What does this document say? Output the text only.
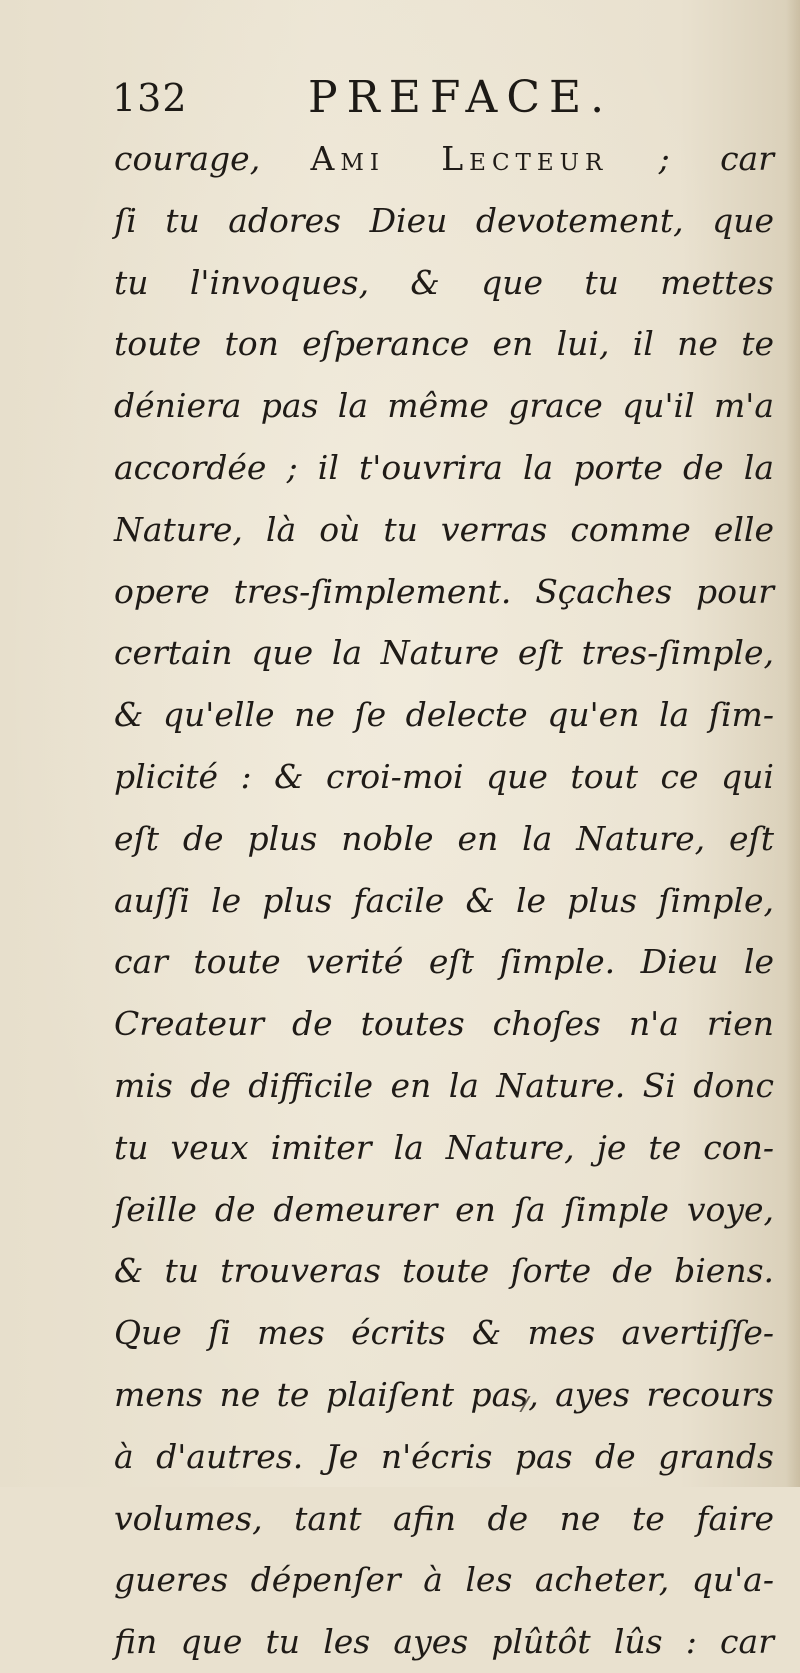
132	PREFACE.
courage, Ami Lecteur ; car
ſi tu adores Dieu devotement, que
tu l'invoques, & que tu mettes
toute ton eſperance en lui, il ne te
déniera pas la même grace qu'il m'a
accordée ; il t'ouvrira la porte de la
Nature, là où tu verras comme elle
opere tres-ſimplement. Sçaches pour
certain que la Nature eſt tres-ſimple,
& qu'elle ne ſe delecte qu'en la ſim-
plicité : & croi-moi que tout ce qui
eſt de plus noble en la Nature, eſt
auſſi le plus facile & le plus ſimple,
car toute verité eſt ſimple. Dieu le
Createur de toutes choſes n'a rien
mis de difficile en la Nature. Si donc
tu veux imiter la Nature, je te con-
ſeille de demeurer en ſa ſimple voye,
& tu trouveras toute ſorte de biens.
Que ſi mes écrits & mes avertiſſe-
mens ne te plaiſent pas, ayes recours
à d'autres. Je n'écris pas de grands
volumes, tant afin de ne te faire
gueres dépenſer à les acheter, qu'a-
fin que tu les ayes plûtôt lûs : car
